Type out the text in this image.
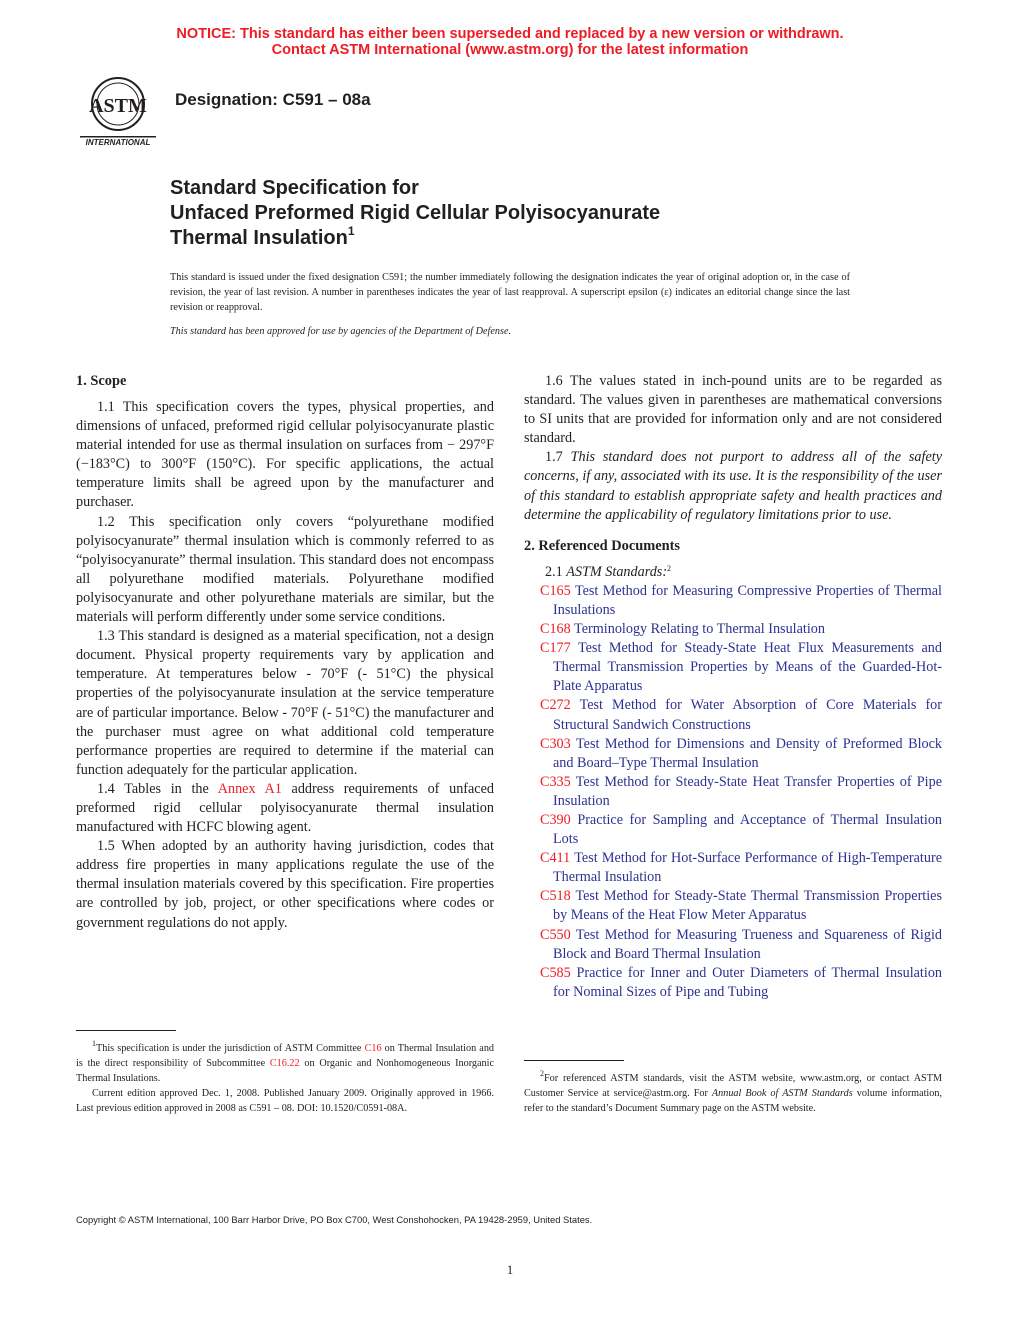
NOTICE: This standard has either been superseded and replaced by a new version or withdrawn.
Contact ASTM International (www.astm.org) for the latest information
ASTM
INTERNATIONAL
Designation: C591 – 08a
Standard Specification for
Unfaced Preformed Rigid Cellular Polyisocyanurate
Thermal Insulation$^1$
This standard is issued under the fixed designation C591; the number immediately following the designation indicates the year of original adoption or, in the case of revision, the year of last revision. A number in parentheses indicates the year of last reapproval. A superscript epsilon (ε) indicates an editorial change since the last revision or reapproval.
This standard has been approved for use by agencies of the Department of Defense.
1. Scope

1.1 This specification covers the types, physical properties, and dimensions of unfaced, preformed rigid cellular polyisocyanurate plastic material intended for use as thermal insulation on surfaces from − 297°F (−183°C) to 300°F (150°C). For specific applications, the actual temperature limits shall be agreed upon by the manufacturer and purchaser.

1.2 This specification only covers “polyurethane modified polyisocyanurate” thermal insulation which is commonly referred to as “polyisocyanurate” thermal insulation. This standard does not encompass all polyurethane modified materials. Polyurethane modified polyisocyanurate and other polyurethane materials are similar, but the materials will perform differently under some service conditions.

1.3 This standard is designed as a material specification, not a design document. Physical property requirements vary by application and temperature. At temperatures below - 70°F (- 51°C) the physical properties of the polyisocyanurate insulation at the service temperature are of particular importance. Below - 70°F (- 51°C) the manufacturer and the purchaser must agree on what additional cold temperature performance properties are required to determine if the material can function adequately for the particular application.

1.4 Tables in the Annex A1 address requirements of unfaced preformed rigid cellular polyisocyanurate thermal insulation manufactured with HCFC blowing agent.

1.5 When adopted by an authority having jurisdiction, codes that address fire properties in many applications regulate the use of the thermal insulation materials covered by this specification. Fire properties are controlled by job, project, or other specifications where codes or government regulations do not apply.

1.6 The values stated in inch-pound units are to be regarded as standard. The values given in parentheses are mathematical conversions to SI units that are provided for information only and are not considered standard.

1.7 This standard does not purport to address all of the safety concerns, if any, associated with its use. It is the responsibility of the user of this standard to establish appropriate safety and health practices and determine the applicability of regulatory limitations prior to use.

2. Referenced Documents

2.1 ASTM Standards:$^2$

C165 Test Method for Measuring Compressive Properties of Thermal Insulations

C168 Terminology Relating to Thermal Insulation

C177 Test Method for Steady-State Heat Flux Measurements and Thermal Transmission Properties by Means of the Guarded-Hot-Plate Apparatus

C272 Test Method for Water Absorption of Core Materials for Structural Sandwich Constructions

C303 Test Method for Dimensions and Density of Preformed Block and Board–Type Thermal Insulation

C335 Test Method for Steady-State Heat Transfer Properties of Pipe Insulation

C390 Practice for Sampling and Acceptance of Thermal Insulation Lots

C411 Test Method for Hot-Surface Performance of High-Temperature Thermal Insulation

C518 Test Method for Steady-State Thermal Transmission Properties by Means of the Heat Flow Meter Apparatus

C550 Test Method for Measuring Trueness and Squareness of Rigid Block and Board Thermal Insulation

C585 Practice for Inner and Outer Diameters of Thermal Insulation for Nominal Sizes of Pipe and Tubing

$^1$This specification is under the jurisdiction of ASTM Committee C16 on Thermal Insulation and is the direct responsibility of Subcommittee C16.22 on Organic and Nonhomogeneous Inorganic Thermal Insulations.

Current edition approved Dec. 1, 2008. Published January 2009. Originally approved in 1966. Last previous edition approved in 2008 as C591 – 08. DOI: 10.1520/C0591-08A.

$^2$For referenced ASTM standards, visit the ASTM website, www.astm.org, or contact ASTM Customer Service at service@astm.org. For Annual Book of ASTM Standards volume information, refer to the standard’s Document Summary page on the ASTM website.

Copyright © ASTM International, 100 Barr Harbor Drive, PO Box C700, West Conshohocken, PA 19428-2959, United States.
1
